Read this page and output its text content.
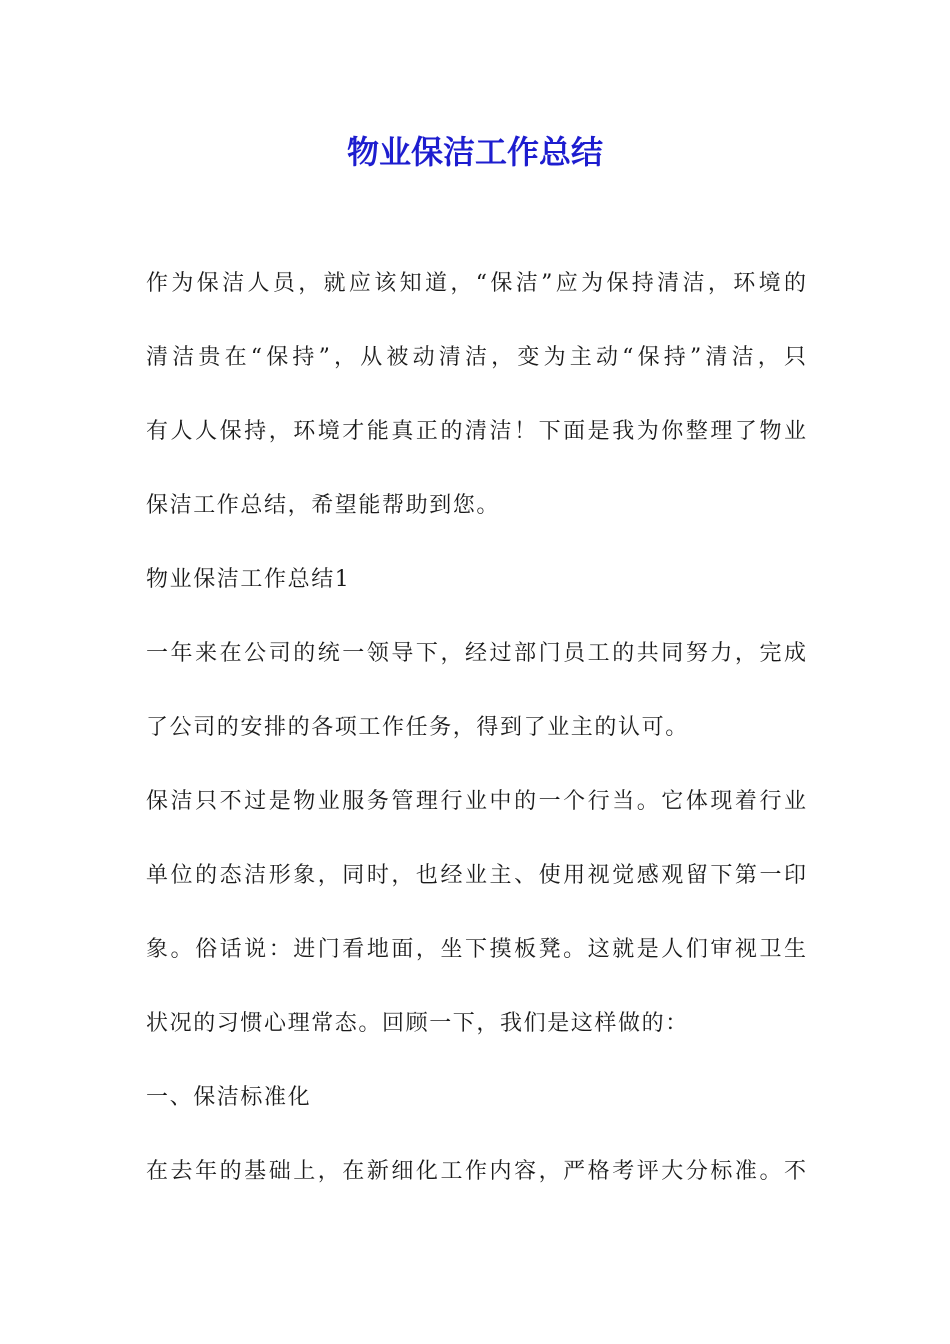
物业保洁工作总结
作为保洁人员，就应该知道，“保洁”应为保持清洁，环境的
清洁贵在“保持”，从被动清洁，变为主动“保持”清洁，只
有人人保持，环境才能真正的清洁！下面是我为你整理了物业
保洁工作总结，希望能帮助到您。
物业保洁工作总结1
一年来在公司的统一领导下，经过部门员工的共同努力，完成
了公司的安排的各项工作任务，得到了业主的认可。
保洁只不过是物业服务管理行业中的一个行当。它体现着行业
单位的态洁形象，同时，也经业主、使用视觉感观留下第一印
象。俗话说：进门看地面，坐下摸板凳。这就是人们审视卫生
状况的习惯心理常态。回顾一下，我们是这样做的：
一、保洁标准化
在去年的基础上，在新细化工作内容，严格考评大分标准。不
